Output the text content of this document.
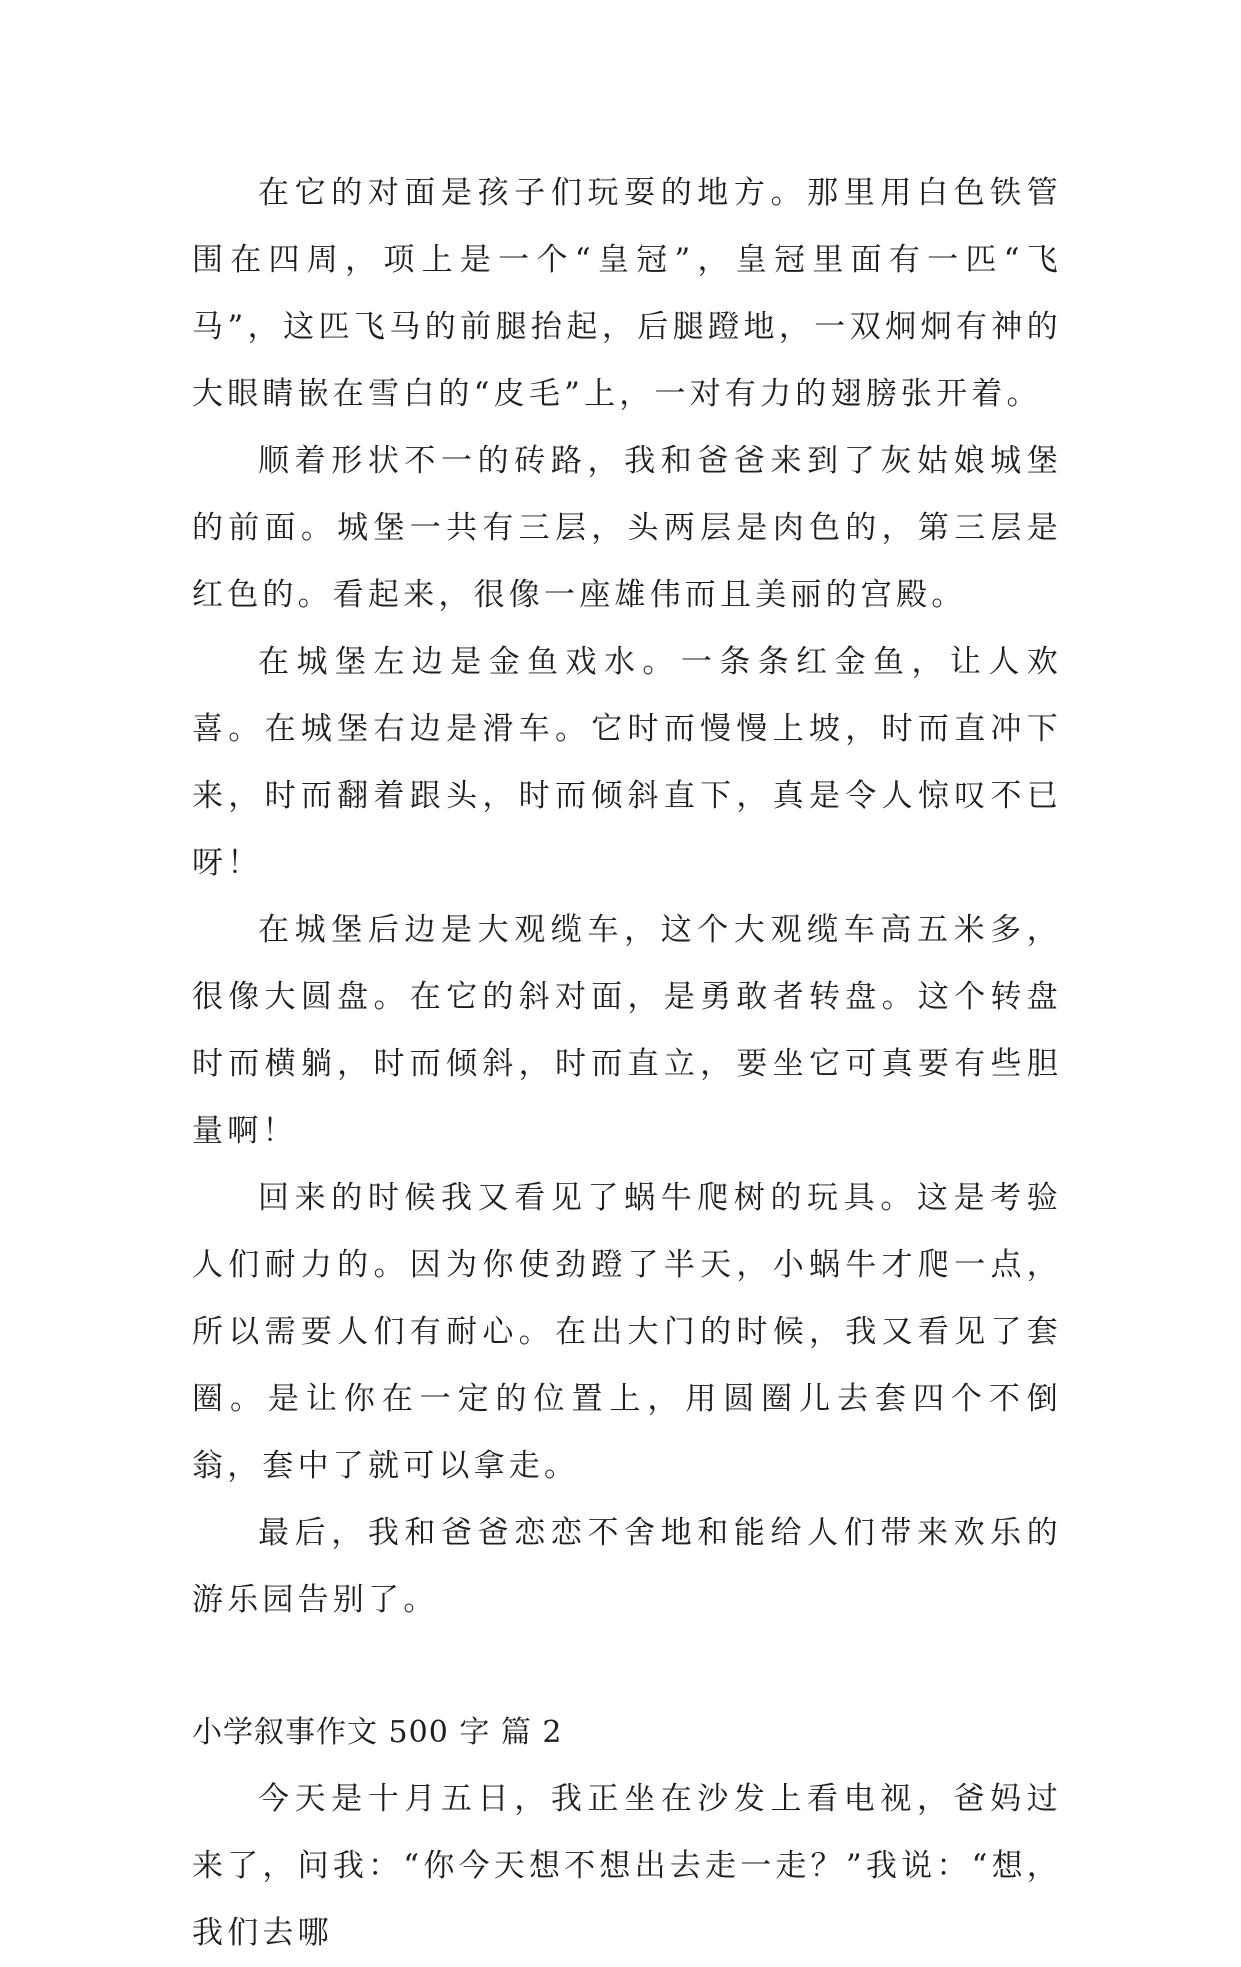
在它的对面是孩子们玩耍的地方。那里用白色铁管围在四周，项上是一个“皇冠”，皇冠里面有一匹“飞马”，这匹飞马的前腿抬起，后腿蹬地，一双炯炯有神的大眼睛嵌在雪白的“皮毛”上，一对有力的翅膀张开着。

顺着形状不一的砖路，我和爸爸来到了灰姑娘城堡的前面。城堡一共有三层，头两层是肉色的，第三层是红色的。看起来，很像一座雄伟而且美丽的宫殿。

在城堡左边是金鱼戏水。一条条红金鱼，让人欢喜。在城堡右边是滑车。它时而慢慢上坡，时而直冲下来，时而翻着跟头，时而倾斜直下，真是令人惊叹不已呀！

在城堡后边是大观缆车，这个大观缆车高五米多，很像大圆盘。在它的斜对面，是勇敢者转盘。这个转盘时而横躺，时而倾斜，时而直立，要坐它可真要有些胆量啊！

回来的时候我又看见了蜗牛爬树的玩具。这是考验人们耐力的。因为你使劲蹬了半天，小蜗牛才爬一点，所以需要人们有耐心。在出大门的时候，我又看见了套圈。是让你在一定的位置上，用圆圈儿去套四个不倒翁，套中了就可以拿走。

最后，我和爸爸恋恋不舍地和能给人们带来欢乐的游乐园告别了。

小学叙事作文 500 字 篇 2

今天是十月五日，我正坐在沙发上看电视，爸妈过来了，问我：“你今天想不想出去走一走？”我说：“想，我们去哪
